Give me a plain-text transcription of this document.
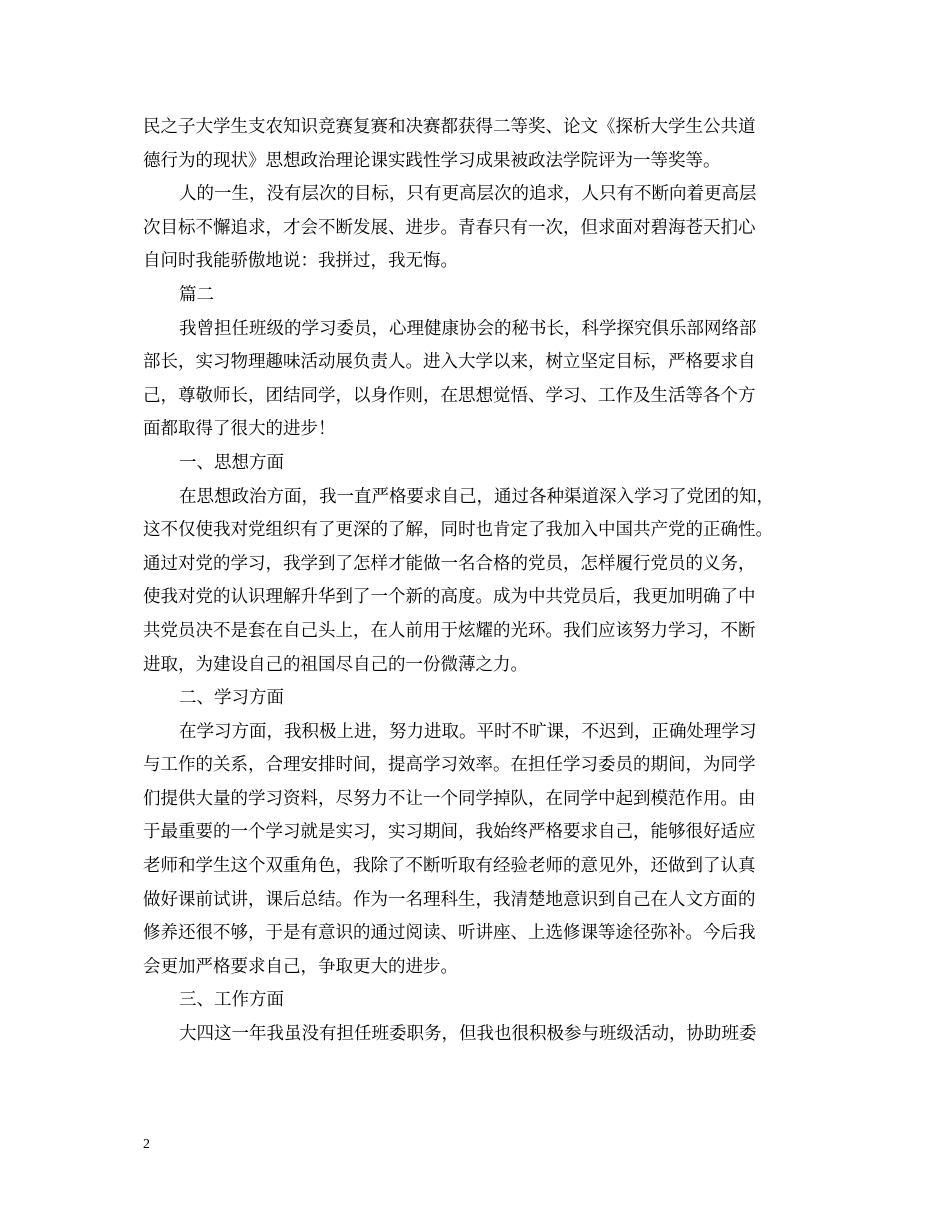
民之子大学生支农知识竞赛复赛和决赛都获得二等奖、论文《探析大学生公共道
德行为的现状》思想政治理论课实践性学习成果被政法学院评为一等奖等。
人的一生，没有层次的目标，只有更高层次的追求，人只有不断向着更高层
次目标不懈追求，才会不断发展、进步。青春只有一次，但求面对碧海苍天扪心
自问时我能骄傲地说：我拼过，我无悔。
篇二
我曾担任班级的学习委员，心理健康协会的秘书长，科学探究俱乐部网络部
部长，实习物理趣味活动展负责人。进入大学以来，树立坚定目标，严格要求自
己，尊敬师长，团结同学，以身作则，在思想觉悟、学习、工作及生活等各个方
面都取得了很大的进步！
一、思想方面
在思想政治方面，我一直严格要求自己，通过各种渠道深入学习了党团的知，
这不仅使我对党组织有了更深的了解，同时也肯定了我加入中国共产党的正确性。
通过对党的学习，我学到了怎样才能做一名合格的党员，怎样履行党员的义务，
使我对党的认识理解升华到了一个新的高度。成为中共党员后，我更加明确了中
共党员决不是套在自己头上，在人前用于炫耀的光环。我们应该努力学习，不断
进取，为建设自己的祖国尽自己的一份微薄之力。
二、学习方面
在学习方面，我积极上进，努力进取。平时不旷课，不迟到，正确处理学习
与工作的关系，合理安排时间，提高学习效率。在担任学习委员的期间，为同学
们提供大量的学习资料，尽努力不让一个同学掉队，在同学中起到模范作用。由
于最重要的一个学习就是实习，实习期间，我始终严格要求自己，能够很好适应
老师和学生这个双重角色，我除了不断听取有经验老师的意见外，还做到了认真
做好课前试讲，课后总结。作为一名理科生，我清楚地意识到自己在人文方面的
修养还很不够，于是有意识的通过阅读、听讲座、上选修课等途径弥补。今后我
会更加严格要求自己，争取更大的进步。
三、工作方面
大四这一年我虽没有担任班委职务，但我也很积极参与班级活动，协助班委
2
